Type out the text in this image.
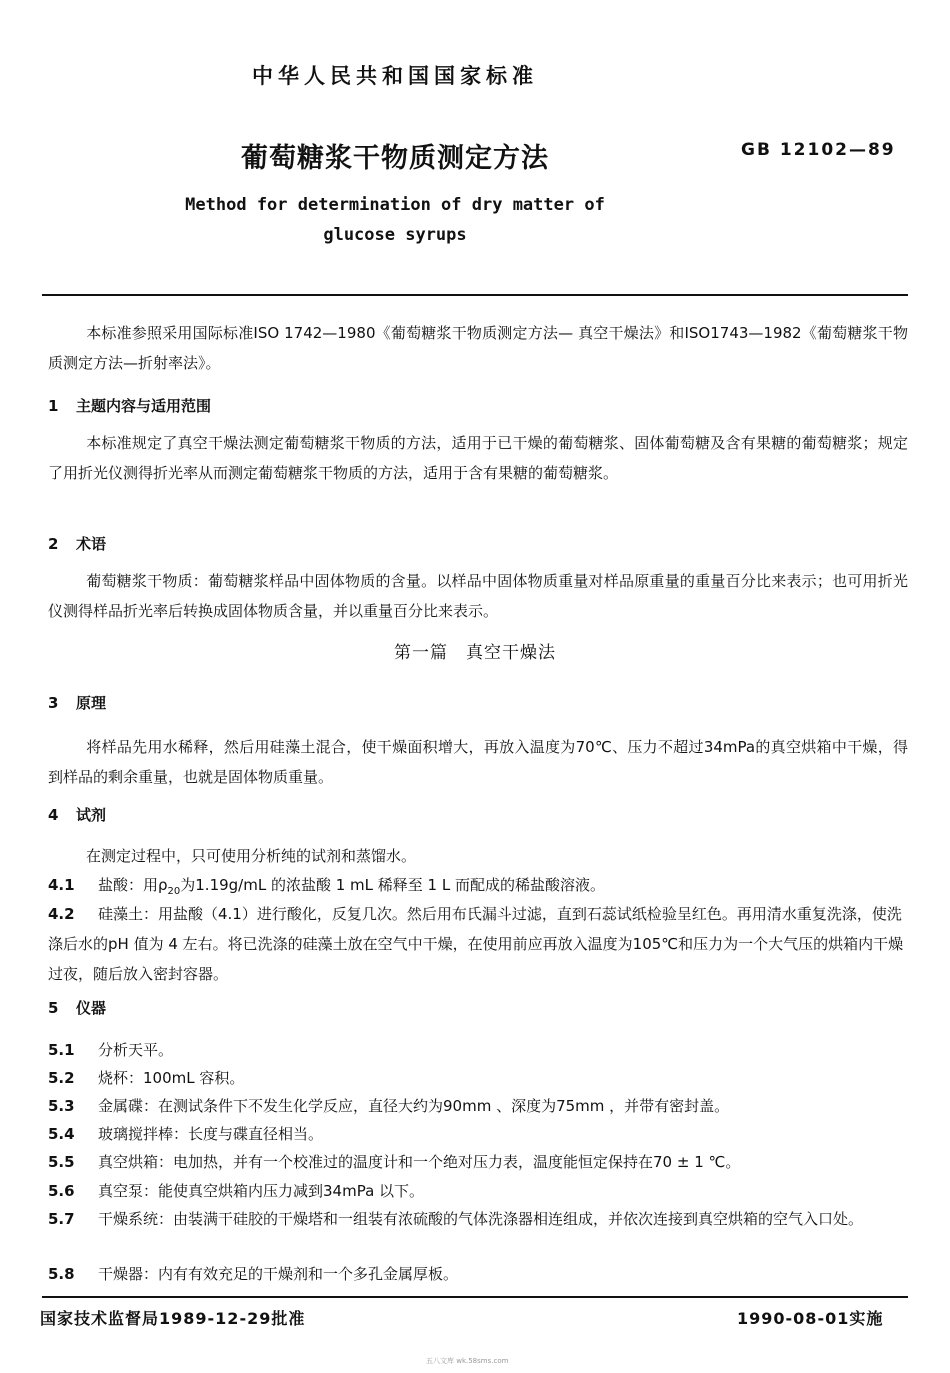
中华人民共和国国家标准
葡萄糖浆干物质测定方法	GB 12102—89
Method for determination of dry matter of
glucose syrups
本标准参照采用国际标准ISO 1742—1980《葡萄糖浆干物质测定方法— 真空干燥法》和ISO1743—1982《葡萄糖浆干物质测定方法—折射率法》。
1 主题内容与适用范围
本标准规定了真空干燥法测定葡萄糖浆干物质的方法，适用于已干燥的葡萄糖浆、固体葡萄糖及含有果糖的葡萄糖浆；规定了用折光仪测得折光率从而测定葡萄糖浆干物质的方法，适用于含有果糖的葡萄糖浆。
2 术语
葡萄糖浆干物质：葡萄糖浆样品中固体物质的含量。以样品中固体物质重量对样品原重量的重量百分比来表示；也可用折光仪测得样品折光率后转换成固体物质含量，并以重量百分比来表示。
第一篇　真空干燥法
3 原理
将样品先用水稀释，然后用硅藻土混合，使干燥面积增大，再放入温度为70℃、压力不超过34mPa的真空烘箱中干燥，得到样品的剩余重量，也就是固体物质重量。
4 试剂
在测定过程中，只可使用分析纯的试剂和蒸馏水。
4.1 盐酸：用$\rho_{20}$为1.19g/mL 的浓盐酸 1 mL 稀释至 1 L 而配成的稀盐酸溶液。
4.2 硅藻土：用盐酸（4.1）进行酸化，反复几次。然后用布氏漏斗过滤，直到石蕊试纸检验呈红色。再用清水重复洗涤，使洗涤后水的pH 值为 4 左右。将已洗涤的硅藻土放在空气中干燥，在使用前应再放入温度为105℃和压力为一个大气压的烘箱内干燥过夜，随后放入密封容器。
5 仪器
5.1 分析天平。
5.2 烧杯：100mL 容积。
5.3 金属碟：在测试条件下不发生化学反应，直径大约为90mm 、深度为75mm ，并带有密封盖。
5.4 玻璃搅拌棒：长度与碟直径相当。
5.5 真空烘箱：电加热，并有一个校准过的温度计和一个绝对压力表，温度能恒定保持在70 ± 1 ℃。
5.6 真空泵：能使真空烘箱内压力减到34mPa 以下。
5.7 干燥系统：由装满干硅胶的干燥塔和一组装有浓硫酸的气体洗涤器相连组成，并依次连接到真空烘箱的空气入口处。
5.8 干燥器：内有有效充足的干燥剂和一个多孔金属厚板。
国家技术监督局1989-12-29批准	1990-08-01实施
五八文库 wk.58sms.com
